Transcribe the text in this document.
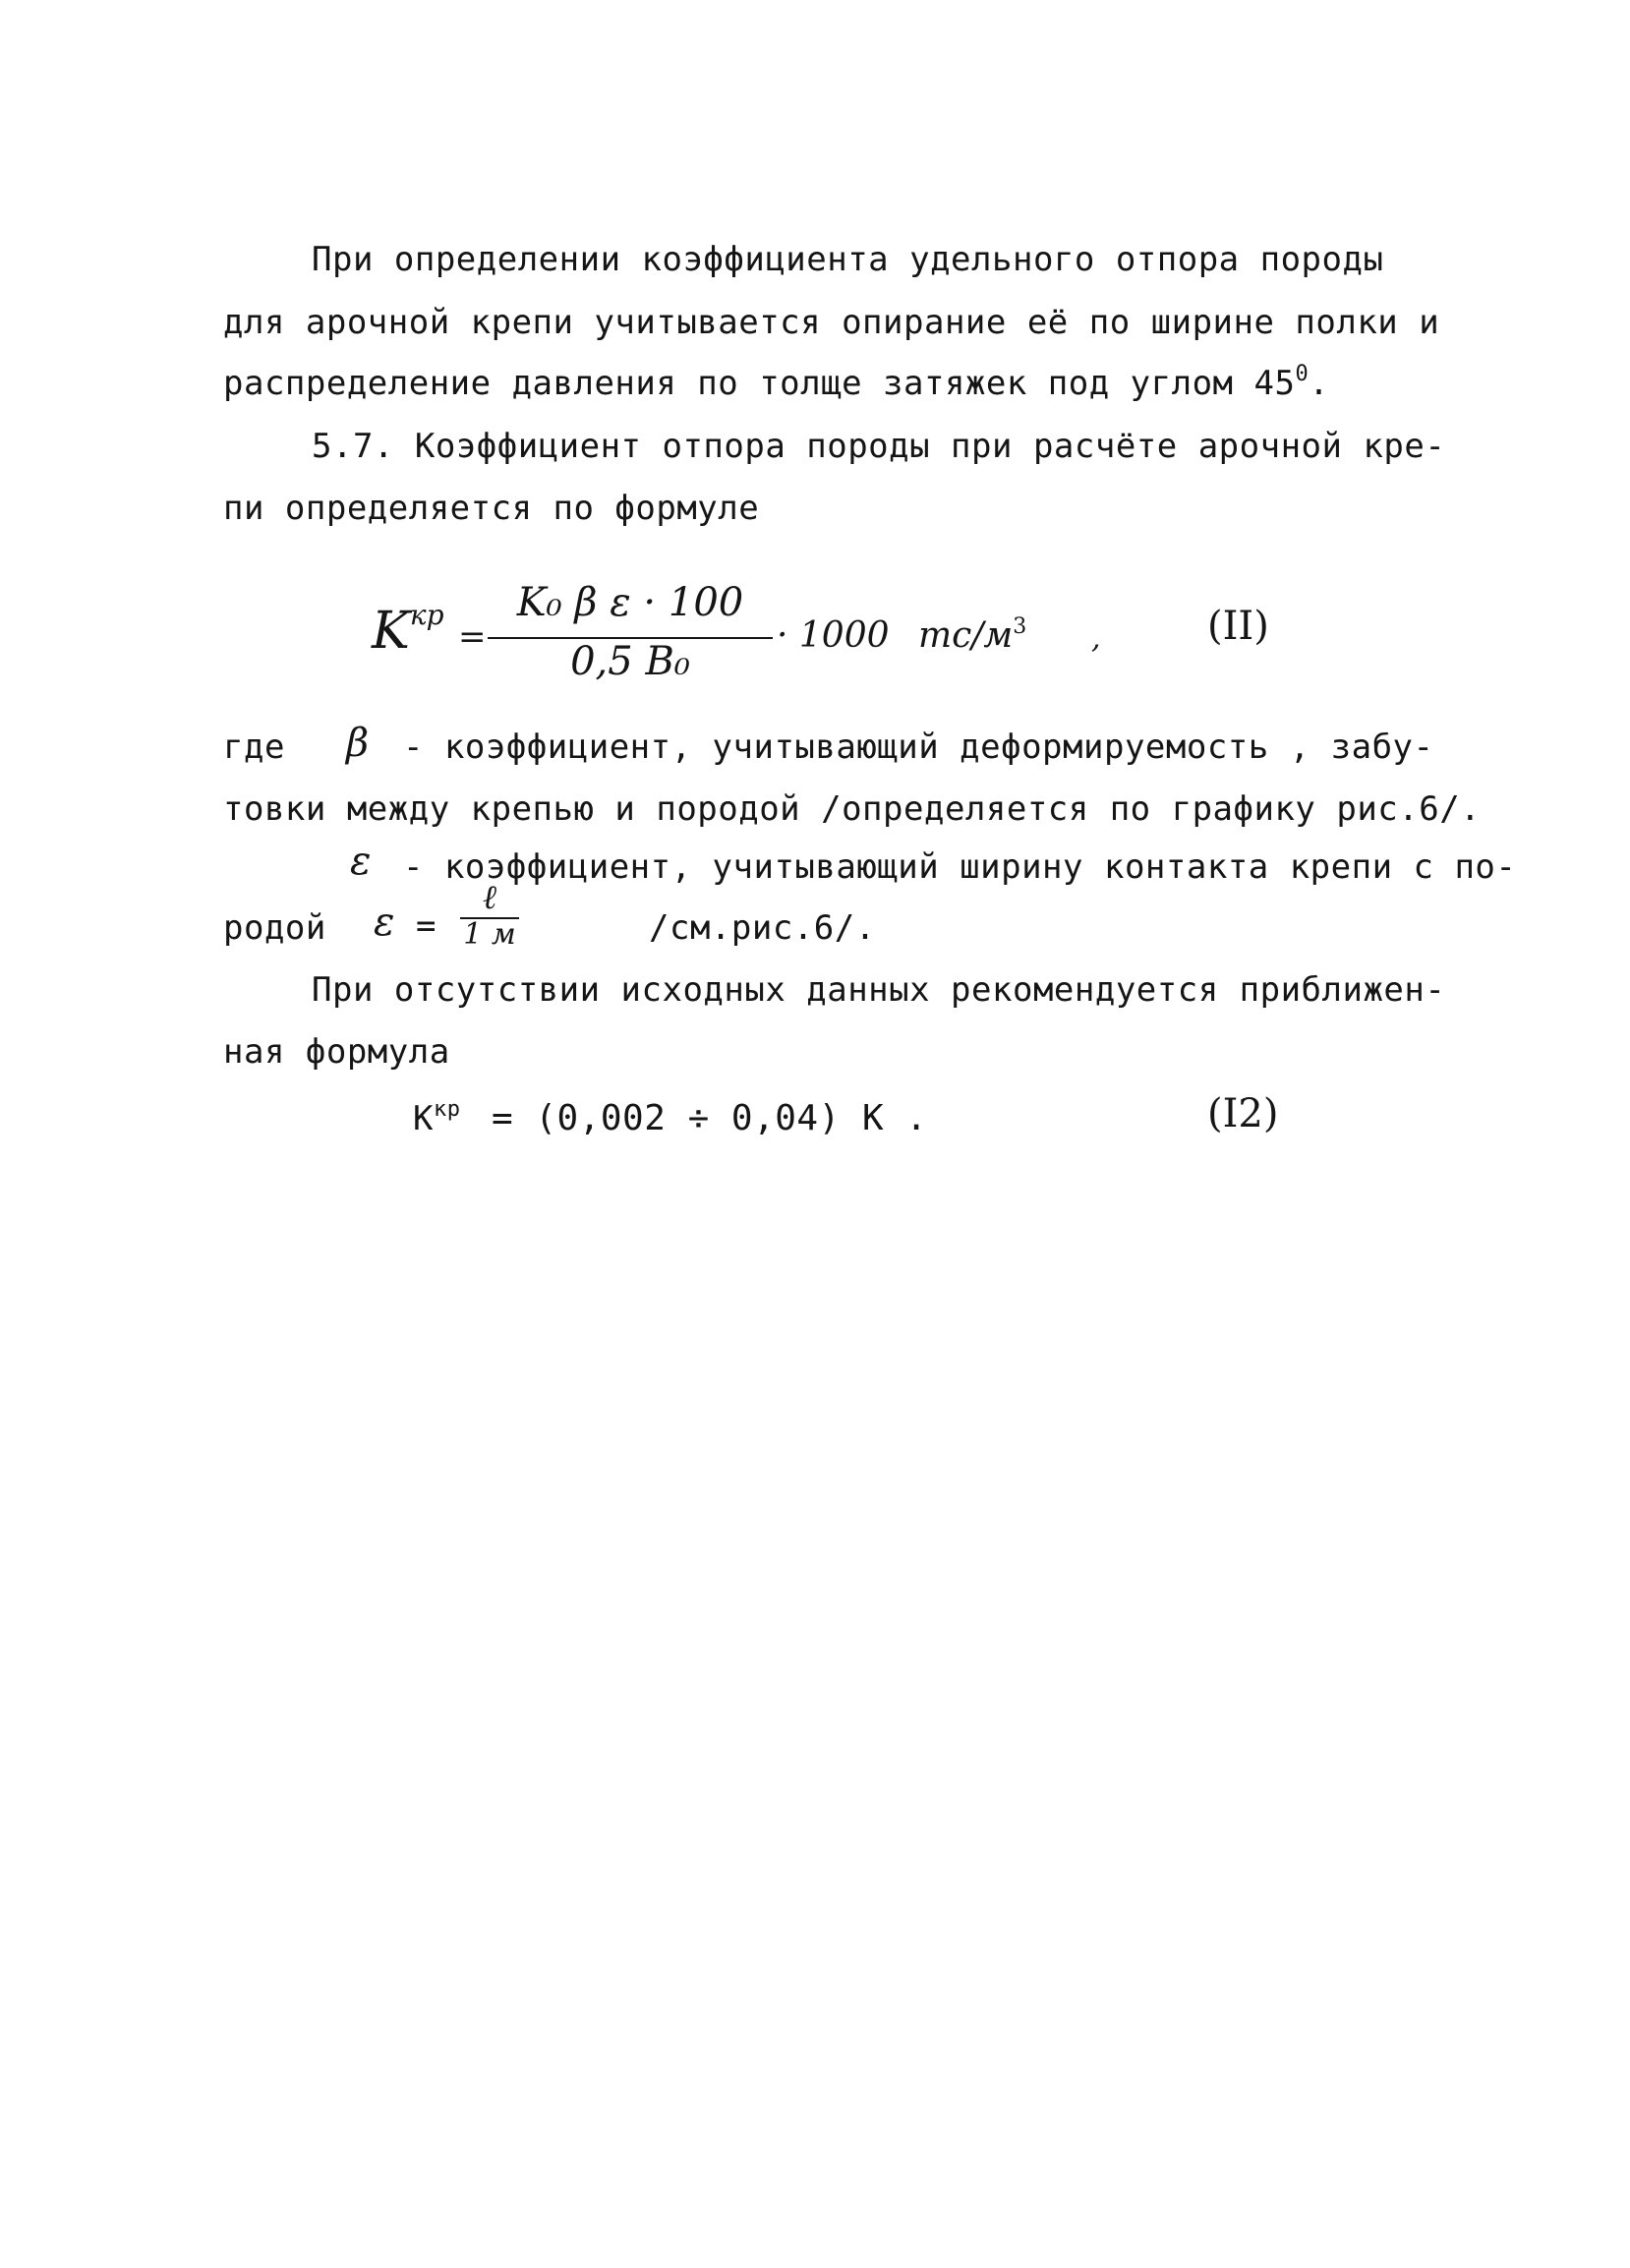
При определении коэффициента удельного отпора породы
для арочной крепи учитывается опирание её по ширине полки и
распределение давления по толще затяжек под углом $45^0$.
5.7. Коэффициент отпора породы при расчёте арочной кре-
пи определяется по формуле
$K^{кр}$
=
K₀ β ε · 100
0,5 B₀
· 1000 $тс/м^3$ ,	(II)
где β - коэффициент, учитывающий деформируемость , забу-
товки между крепью и породой /определяется по графику рис.6/.
ε - коэффициент, учитывающий ширину контакта крепи с по-
родой ε =
ℓ
1 м	/см.рис.6/.
При отсутствии исходных данных рекомендуется приближен-
ная формула
$K^{кр} = (0,002 \div 0,04)$ K .	(I2)
